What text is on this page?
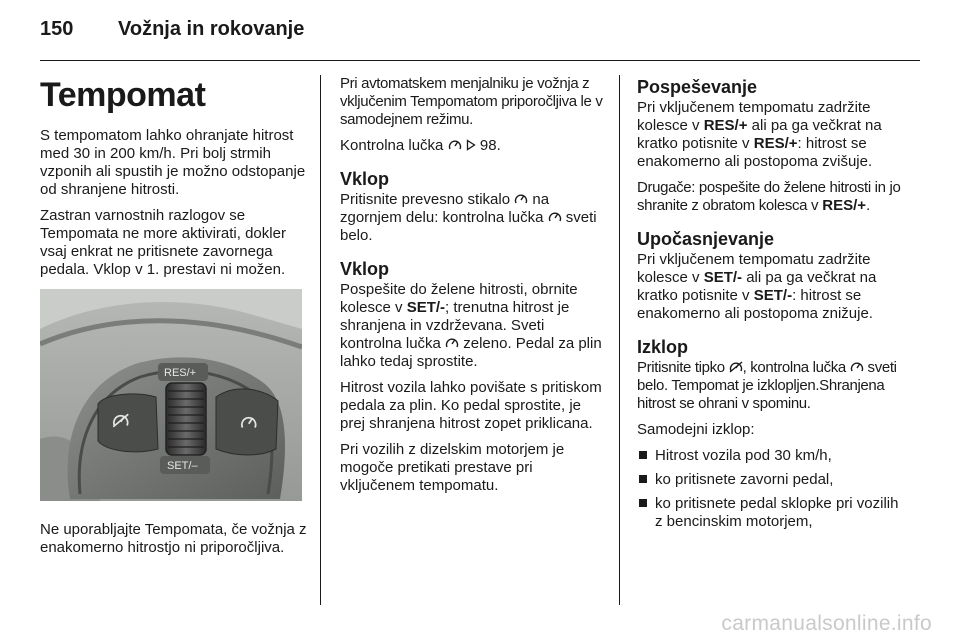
150 Vožnja in rokovanje
Tempomat

S tempomatom lahko ohranjate hitrost med 30 in 200 km/h. Pri bolj strmih vzponih ali spustih je možno odstopanje od shranjene hitrosti.

Zastran varnostnih razlogov se Tempomata ne more aktivirati, dokler vsaj enkrat ne pritisnete zavornega pedala. Vklop v 1. prestavi ni možen.

RES/+
SET/–

Ne uporabljajte Tempomata, če vožnja z enakomerno hitrostjo ni priporočljiva.

Pri avtomatskem menjalniku je vožnja z vključenim Tempomatom priporočljiva le v samodejnem režimu.

Kontrolna lučka 98.

Vklop

Pritisnite prevesno stikalo na zgornjem delu: kontrolna lučka sveti belo.

Vklop

Pospešite do želene hitrosti, obrnite kolesce v SET/-; trenutna hitrost je shranjena in vzdrževana. Sveti kontrolna lučka zeleno. Pedal za plin lahko tedaj sprostite.

Hitrost vozila lahko povišate s pritiskom pedala za plin. Ko pedal sprostite, je prej shranjena hitrost zopet priklicana.

Pri vozilih z dizelskim motorjem je mogoče pretikati prestave pri vključenem tempomatu.

Pospeševanje

Pri vključenem tempomatu zadržite kolesce v RES/+ ali pa ga večkrat na kratko potisnite v RES/+: hitrost se enakomerno ali postopoma zvišuje.

Drugače: pospešite do želene hitrosti in jo shranite z obratom kolesca v RES/+.

Upočasnjevanje

Pri vključenem tempomatu zadržite kolesce v SET/- ali pa ga večkrat na kratko potisnite v SET/-: hitrost se enakomerno ali postopoma znižuje.

Izklop

Pritisnite tipko , kontrolna lučka sveti belo. Tempomat je izklopljen.Shranjena hitrost se ohrani v spominu.

Samodejni izklop:

Hitrost vozila pod 30 km/h,
ko pritisnete zavorni pedal,
ko pritisnete pedal sklopke pri vozilih z bencinskim motorjem,
carmanualsonline.info
